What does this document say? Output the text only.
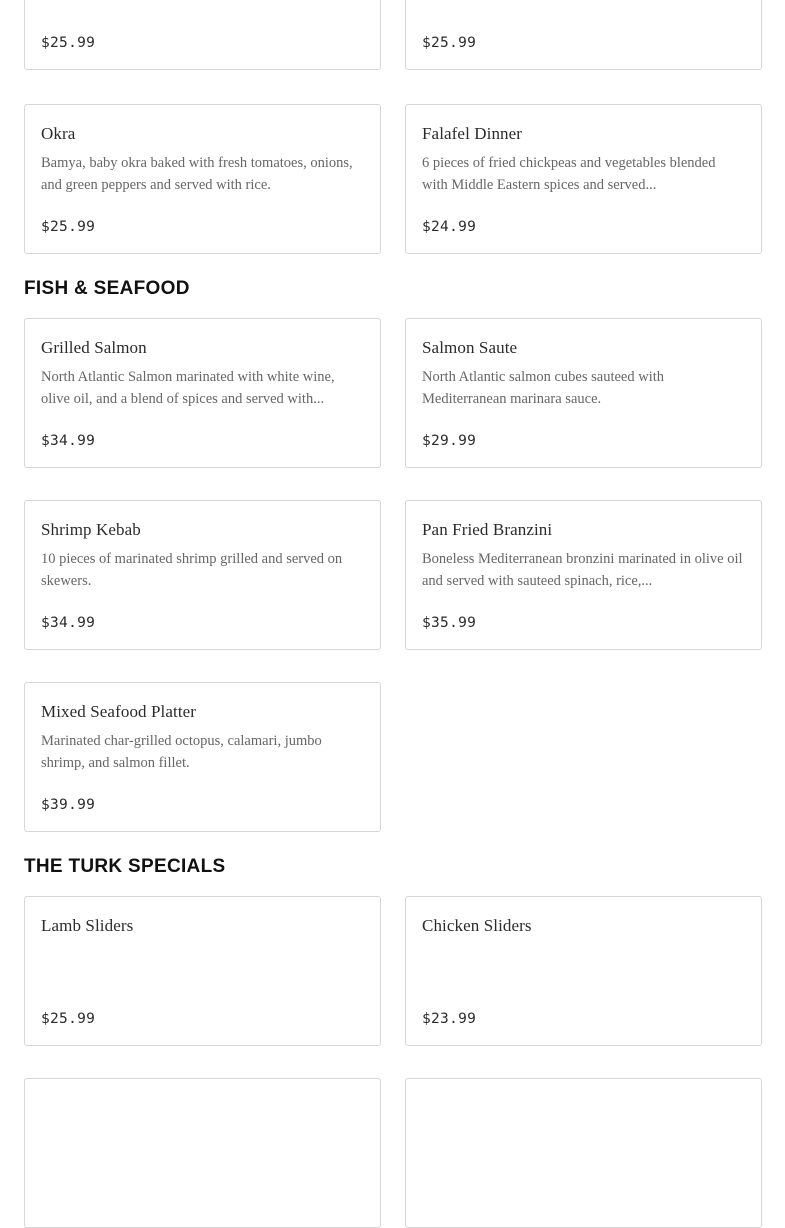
$25.99	$25.99
Okra
Bamya, baby okra baked with fresh tomatoes, onions, and green peppers and served with rice.
$25.99
Falafel Dinner
6 pieces of fried chickpeas and vegetables blended with Middle Eastern spices and served...
$24.99
FISH & SEAFOOD
Grilled Salmon
North Atlantic Salmon marinated with white wine, olive oil, and a blend of spices and served with...
$34.99
Salmon Saute
North Atlantic salmon cubes sauteed with Mediterranean marinara sauce.
$29.99
Shrimp Kebab
10 pieces of marinated shrimp grilled and served on skewers.
$34.99
Pan Fried Branzini
Boneless Mediterranean bronzini marinated in olive oil and served with sauteed spinach, rice,...
$35.99
Mixed Seafood Platter
Marinated char-grilled octopus, calamari, jumbo shrimp, and salmon fillet.
$39.99
THE TURK SPECIALS
Lamb Sliders
$25.99
Chicken Sliders
$23.99
